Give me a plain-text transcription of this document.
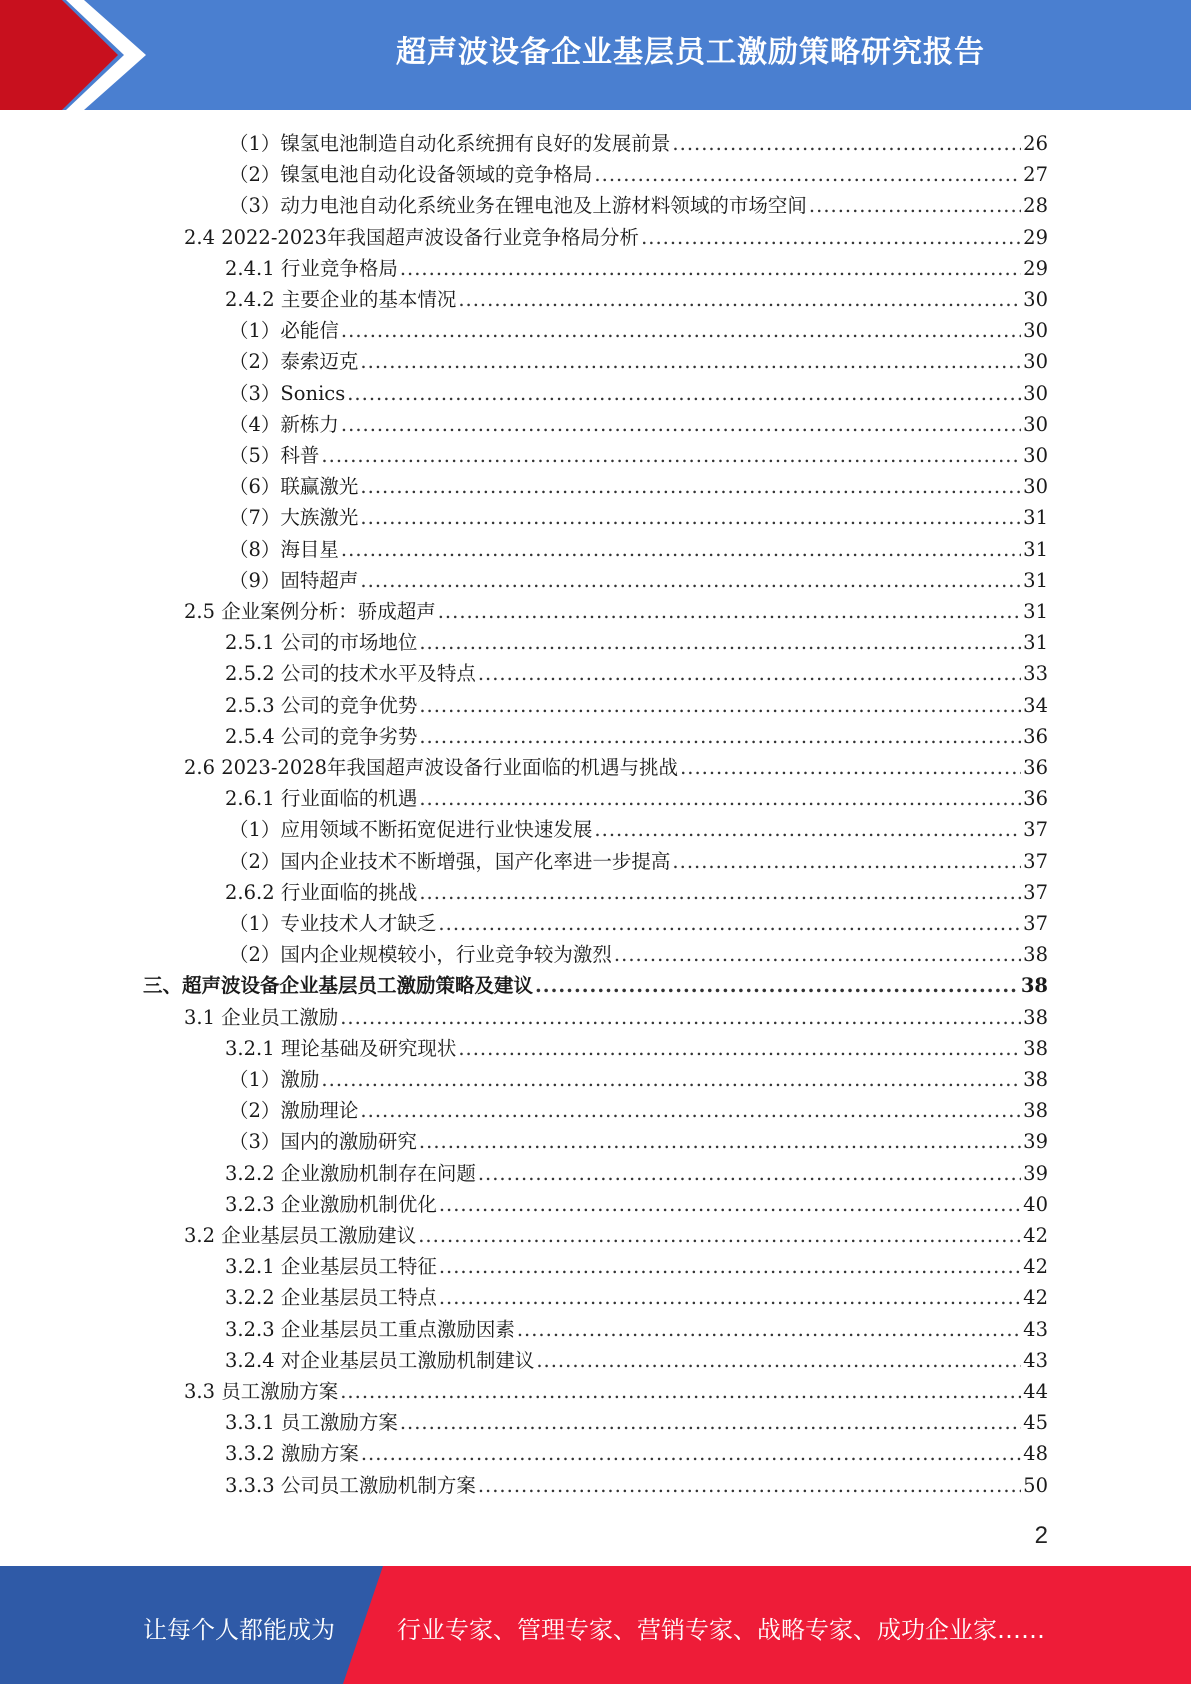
超声波设备企业基层员工激励策略研究报告
（1）镍氢电池制造自动化系统拥有良好的发展前景 .....	26
（2）镍氢电池自动化设备领域的竞争格局 .....	27
（3）动力电池自动化系统业务在锂电池及上游材料领域的市场空间 .....	28
2.4 2022-2023年我国超声波设备行业竞争格局分析 .....	29
2.4.1 行业竞争格局 .....	29
2.4.2 主要企业的基本情况 .....	30
（1）必能信 .....	30
（2）泰索迈克 .....	30
（3）Sonics .....	30
（4）新栋力 .....	30
（5）科普 .....	30
（6）联赢激光 .....	30
（7）大族激光 .....	31
（8）海目星 .....	31
（9）固特超声 .....	31
2.5 企业案例分析：骄成超声 .....	31
2.5.1 公司的市场地位 .....	31
2.5.2 公司的技术水平及特点 .....	33
2.5.3 公司的竞争优势 .....	34
2.5.4 公司的竞争劣势 .....	36
2.6 2023-2028年我国超声波设备行业面临的机遇与挑战 .....	36
2.6.1 行业面临的机遇 .....	36
（1）应用领域不断拓宽促进行业快速发展 .....	37
（2）国内企业技术不断增强，国产化率进一步提高 .....	37
2.6.2 行业面临的挑战 .....	37
（1）专业技术人才缺乏 .....	37
（2）国内企业规模较小，行业竞争较为激烈 .....	38
三、超声波设备企业基层员工激励策略及建议 .....	38
3.1 企业员工激励 .....	38
3.2.1 理论基础及研究现状 .....	38
（1）激励 .....	38
（2）激励理论 .....	38
（3）国内的激励研究 .....	39
3.2.2 企业激励机制存在问题 .....	39
3.2.3 企业激励机制优化 .....	40
3.2 企业基层员工激励建议 .....	42
3.2.1 企业基层员工特征 .....	42
3.2.2 企业基层员工特点 .....	42
3.2.3 企业基层员工重点激励因素 .....	43
3.2.4 对企业基层员工激励机制建议 .....	43
3.3 员工激励方案 .....	44
3.3.1 员工激励方案 .....	45
3.3.2 激励方案 .....	48
3.3.3 公司员工激励机制方案 .....	50
2
让每个人都能成为	行业专家、管理专家、营销专家、战略专家、成功企业家……
